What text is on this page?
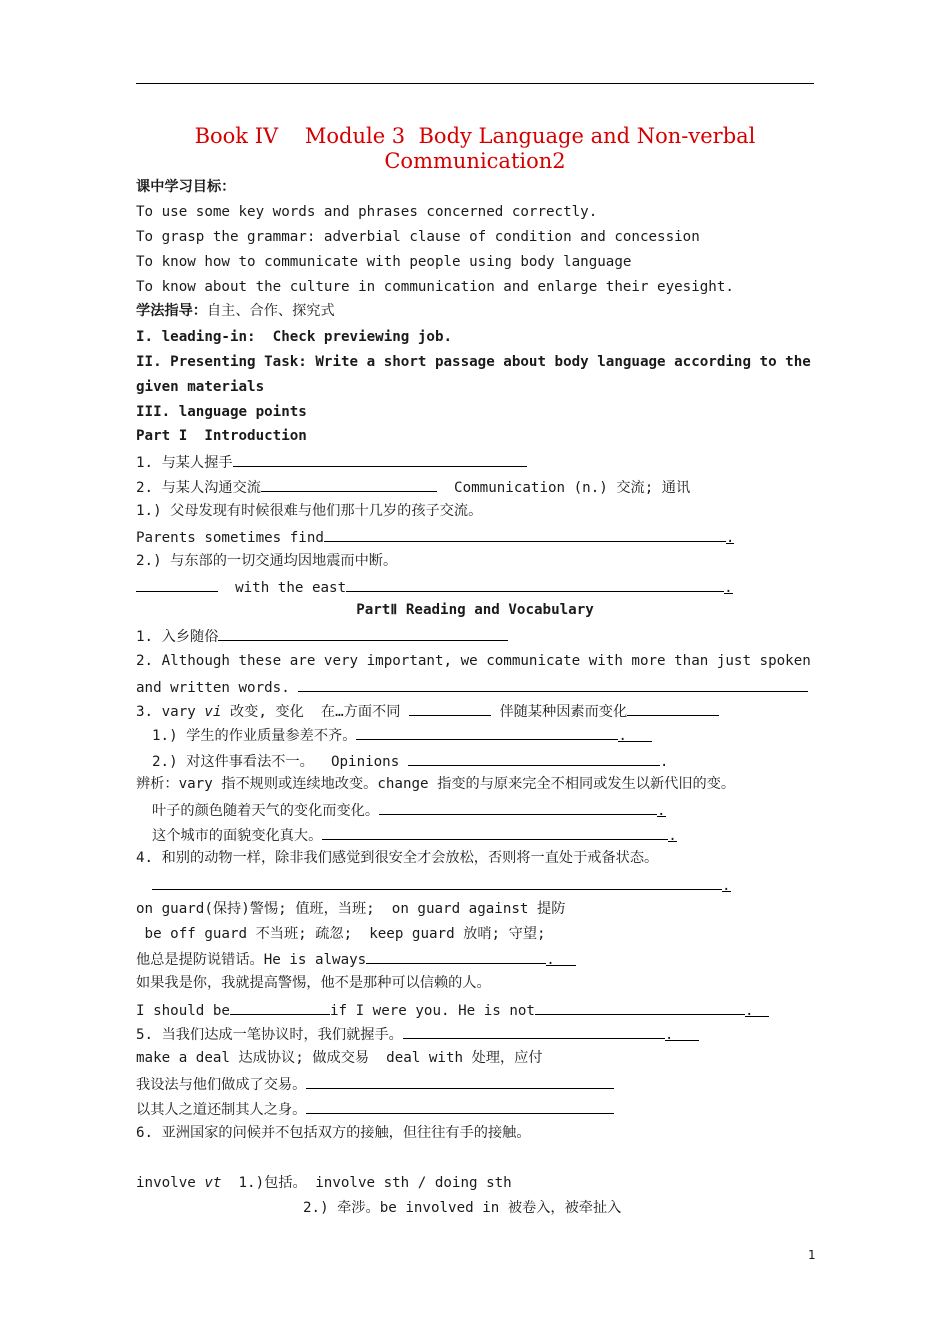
Book IV    Module 3  Body Language and Non-verbal
Communication2
课中学习目标：
To use some key words and phrases concerned correctly.
To grasp the grammar: adverbial clause of condition and concession
To know how to communicate with people using body language
To know about the culture in communication and enlarge their eyesight.
学法指导：自主、合作、探究式
I. leading-in:  Check previewing job.
II. Presenting Task: Write a short passage about body language according to the
given materials
III. language points
Part I  Introduction
1. 与某人握手
2. 与某人沟通交流	Communication (n.) 交流; 通讯
1.) 父母发现有时候很难与他们那十几岁的孩子交流。
Parents sometimes find	.
2.) 与东部的一切交通均因地震而中断。
with the east	.
PartⅡ Reading and Vocabulary
1. 入乡随俗
2. Although these are very important, we communicate with more than just spoken
and written words.
3. vary vi 改变, 变化  在…方面不同	伴随某种因素而变化
1.) 学生的作业质量参差不齐。	.
2.) 对这件事看法不一。  Opinions	.
辨析：vary 指不规则或连续地改变。change 指变的与原来完全不相同或发生以新代旧的变。
叶子的颜色随着天气的变化而变化。	.
这个城市的面貌变化真大。	.
4. 和别的动物一样，除非我们感觉到很安全才会放松，否则将一直处于戒备状态。
.
on guard(保持)警惕; 值班，当班;  on guard against 提防
be off guard 不当班; 疏忽;  keep guard 放哨; 守望;
他总是提防说错话。He is always	.
如果我是你，我就提高警惕，他不是那种可以信赖的人。
I should be	if I were you. He is not	.
5. 当我们达成一笔协议时，我们就握手。	.
make a deal 达成协议; 做成交易  deal with 处理，应付
我设法与他们做成了交易。
以其人之道还制其人之身。
6. 亚洲国家的问候并不包括双方的接触，但往往有手的接触。
involve vt  1.)包括。 involve sth / doing sth
2.) 牵涉。be involved in 被卷入，被牵扯入
1
